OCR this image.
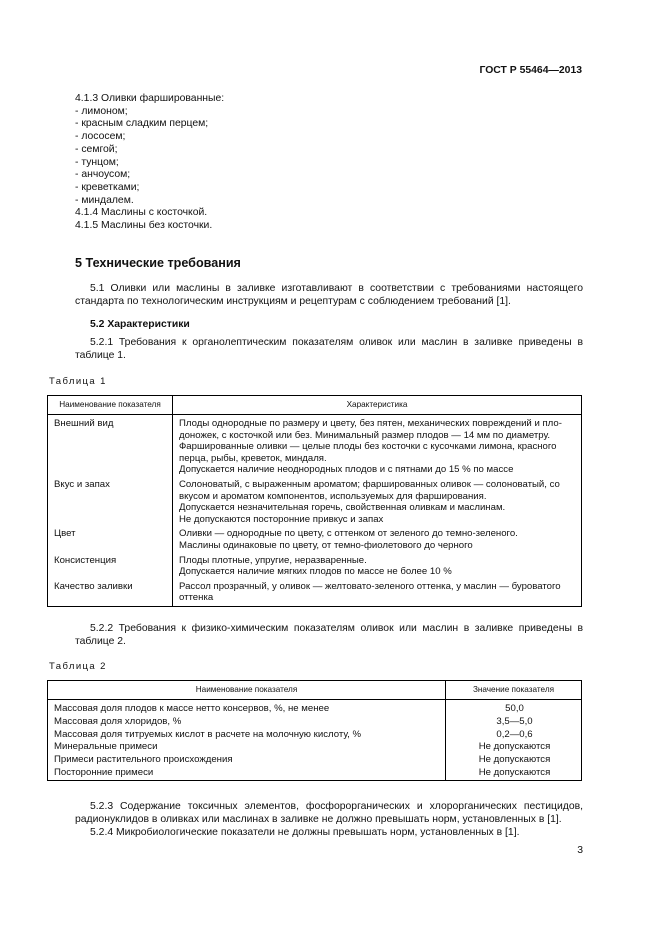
ГОСТ Р 55464—2013
4.1.3 Оливки фаршированные:
- лимоном;
- красным сладким перцем;
- лососем;
- семгой;
- тунцом;
- анчоусом;
- креветками;
- миндалем.
4.1.4 Маслины с косточкой.
4.1.5 Маслины без косточки.
5 Технические требования

5.1 Оливки или маслины в заливке изготавливают в соответствии с требованиями настоящего стандарта по технологическим инструкциям и рецептурам с соблюдением требований [1].

5.2 Характеристики

5.2.1 Требования к органолептическим показателям оливок или маслин в заливке приведены в таблице 1.

Таблица 1
Наименование показателя	Характеристика
Внешний вид	Плоды однородные по размеру и цвету, без пятен, механических повреждений и пло-
доножек, с косточкой или без. Минимальный размер плодов — 14 мм по диаметру.
Фаршированные оливки — целые плоды без косточки с кусочками лимона, красного
перца, рыбы, креветок, миндаля.
Допускается наличие неоднородных плодов и с пятнами до 15 % по массе

Вкус и запах	Солоноватый, с выраженным ароматом; фаршированных оливок — солоноватый, со
вкусом и ароматом компонентов, используемых для фарширования.
Допускается незначительная горечь, свойственная оливкам и маслинам.
Не допускаются посторонние привкус и запах

Цвет	Оливки — однородные по цвету, с оттенком от зеленого до темно-зеленого.
Маслины одинаковые по цвету, от темно-фиолетового до черного

Консистенция	Плоды плотные, упругие, неразваренные.
Допускается наличие мягких плодов по массе не более 10 %

Качество заливки	Рассол прозрачный, у оливок — желтовато-зеленого оттенка, у маслин — буроватого
оттенка

5.2.2 Требования к физико-химическим показателям оливок или маслин в заливке приведены в таблице 2.

Таблица 2
Наименование показателя	Значение показателя
Массовая доля плодов к массе нетто консервов, %, не менее	50,0
Массовая доля хлоридов, %	3,5—5,0
Массовая доля титруемых кислот в расчете на молочную кислоту, %	0,2—0,6
Минеральные примеси	Не допускаются
Примеси растительного происхождения	Не допускаются
Посторонние примеси	Не допускаются

5.2.3 Содержание токсичных элементов, фосфорорганических и хлорорганических пестицидов, радионуклидов в оливках или маслинах в заливке не должно превышать норм, установленных в [1].

5.2.4 Микробиологические показатели не должны превышать норм, установленных в [1].

3
